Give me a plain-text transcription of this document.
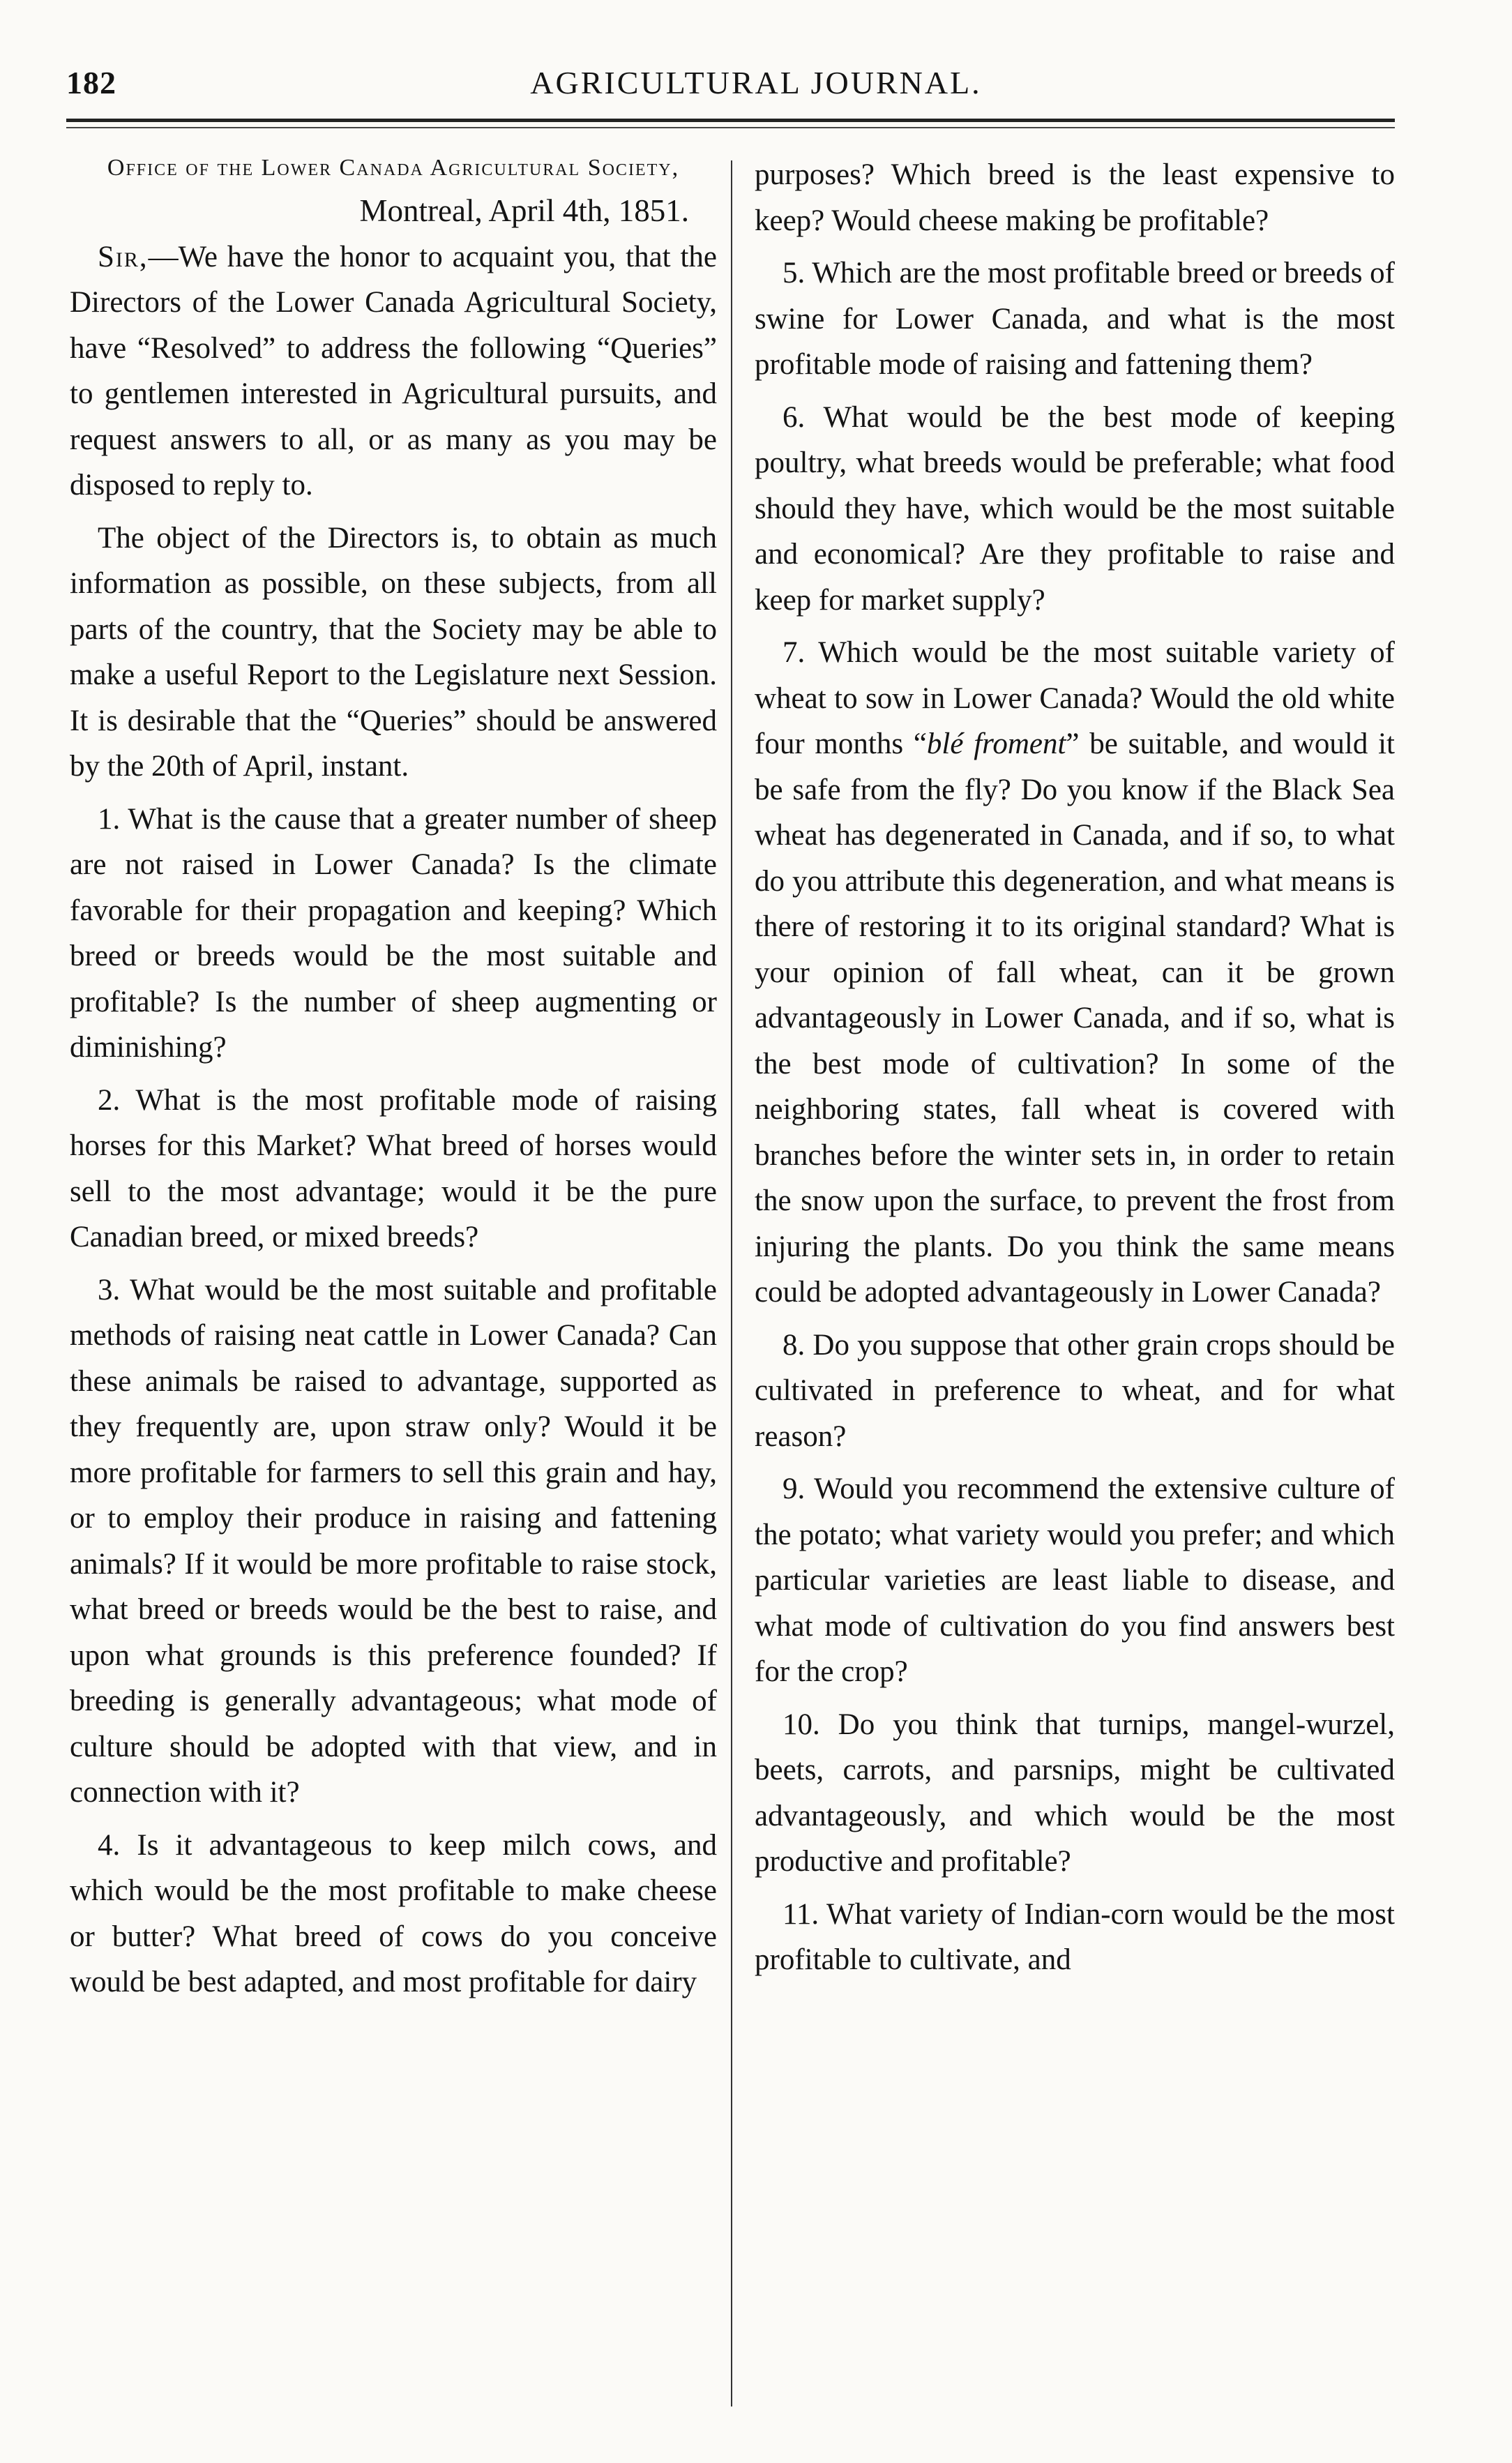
182	AGRICULTURAL JOURNAL.

Office of the Lower Canada Agricultural Society,

Montreal, April 4th, 1851.

Sir,—We have the honor to acquaint you, that the Directors of the Lower Canada Agricultural Society, have “Resolved” to address the following “Queries” to gentlemen interested in Agricultural pursuits, and request answers to all, or as many as you may be disposed to reply to.

The object of the Directors is, to obtain as much information as possible, on these subjects, from all parts of the country, that the Society may be able to make a useful Report to the Legislature next Session. It is desirable that the “Queries” should be answered by the 20th of April, instant.

1. What is the cause that a greater number of sheep are not raised in Lower Canada? Is the climate favorable for their propagation and keeping? Which breed or breeds would be the most suitable and profitable? Is the number of sheep augmenting or diminishing?

2. What is the most profitable mode of raising horses for this Market? What breed of horses would sell to the most advantage; would it be the pure Canadian breed, or mixed breeds?

3. What would be the most suitable and profitable methods of raising neat cattle in Lower Canada? Can these animals be raised to advantage, supported as they frequently are, upon straw only? Would it be more profitable for farmers to sell this grain and hay, or to employ their produce in raising and fattening animals? If it would be more profitable to raise stock, what breed or breeds would be the best to raise, and upon what grounds is this preference founded? If breeding is generally advantageous; what mode of culture should be adopted with that view, and in connection with it?

4. Is it advantageous to keep milch cows, and which would be the most profitable to make cheese or butter? What breed of cows do you conceive would be best adapted, and most profitable for dairy

purposes? Which breed is the least expensive to keep? Would cheese making be profitable?

5. Which are the most profitable breed or breeds of swine for Lower Canada, and what is the most profitable mode of raising and fattening them?

6. What would be the best mode of keeping poultry, what breeds would be preferable; what food should they have, which would be the most suitable and economical? Are they profitable to raise and keep for market supply?

7. Which would be the most suitable variety of wheat to sow in Lower Canada? Would the old white four months “blé froment” be suitable, and would it be safe from the fly? Do you know if the Black Sea wheat has degenerated in Canada, and if so, to what do you attribute this degeneration, and what means is there of restoring it to its original standard? What is your opinion of fall wheat, can it be grown advantageously in Lower Canada, and if so, what is the best mode of cultivation? In some of the neighboring states, fall wheat is covered with branches before the winter sets in, in order to retain the snow upon the surface, to prevent the frost from injuring the plants. Do you think the same means could be adopted advantageously in Lower Canada?

8. Do you suppose that other grain crops should be cultivated in preference to wheat, and for what reason?

9. Would you recommend the extensive culture of the potato; what variety would you prefer; and which particular varieties are least liable to disease, and what mode of cultivation do you find answers best for the crop?

10. Do you think that turnips, mangel-wurzel, beets, carrots, and parsnips, might be cultivated advantageously, and which would be the most productive and profitable?

11. What variety of Indian-corn would be the most profitable to cultivate, and
